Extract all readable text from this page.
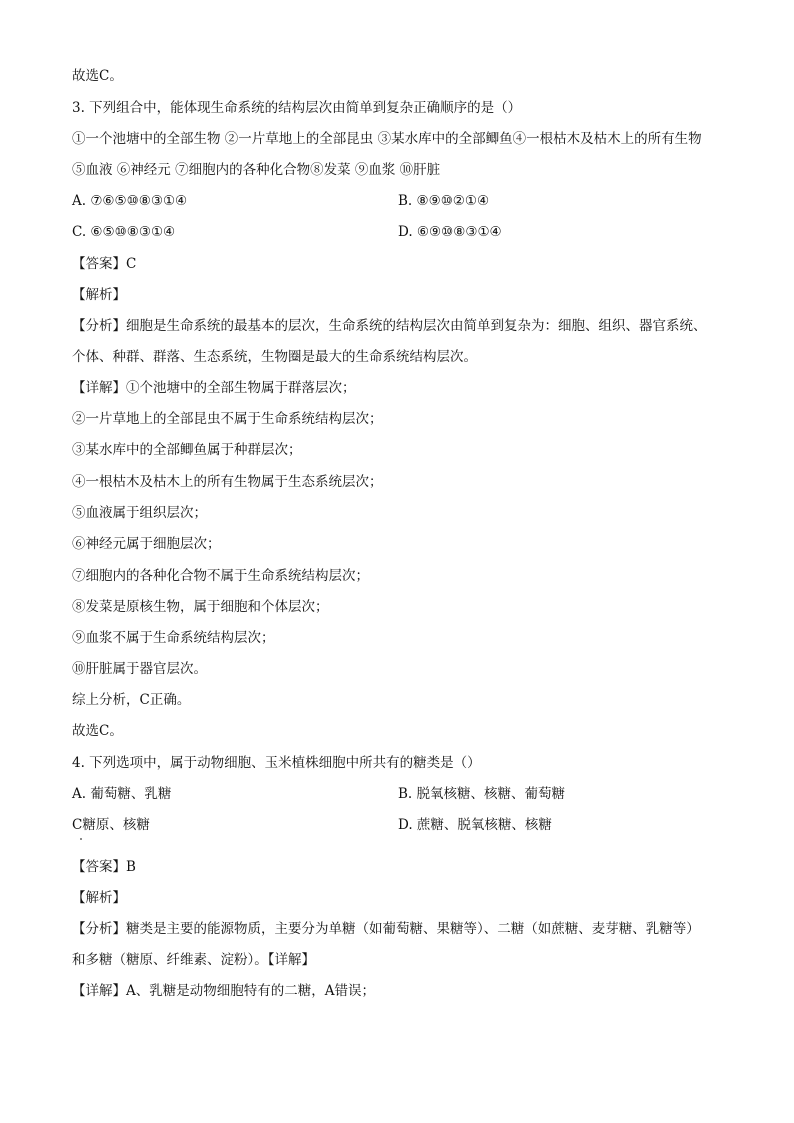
故选C。
3. 下列组合中，能体现生命系统的结构层次由简单到复杂正确顺序的是（）
①一个池塘中的全部生物 ②一片草地上的全部昆虫 ③某水库中的全部鲫鱼④一根枯木及枯木上的所有生物
⑤血液 ⑥神经元 ⑦细胞内的各种化合物⑧发菜 ⑨血浆 ⑩肝脏
A. ⑦⑥⑤⑩⑧③①④	B. ⑧⑨⑩②①④
C. ⑥⑤⑩⑧③①④	D. ⑥⑨⑩⑧③①④
【答案】C
【解析】
【分析】细胞是生命系统的最基本的层次，生命系统的结构层次由简单到复杂为：细胞、组织、器官系统、
个体、种群、群落、生态系统，生物圈是最大的生命系统结构层次。
【详解】①个池塘中的全部生物属于群落层次；
②一片草地上的全部昆虫不属于生命系统结构层次；
③某水库中的全部鲫鱼属于种群层次；
④一根枯木及枯木上的所有生物属于生态系统层次；
⑤血液属于组织层次；
⑥神经元属于细胞层次；
⑦细胞内的各种化合物不属于生命系统结构层次；
⑧发菜是原核生物，属于细胞和个体层次；
⑨血浆不属于生命系统结构层次；
⑩肝脏属于器官层次。
综上分析，C正确。
故选C。
4. 下列选项中，属于动物细胞、玉米植株细胞中所共有的糖类是（）
A. 葡萄糖、乳糖	B. 脱氧核糖、核糖、葡萄糖
C糖原、核糖	D. 蔗糖、脱氧核糖、核糖
【答案】B
【解析】
【分析】糖类是主要的能源物质，主要分为单糖（如葡萄糖、果糖等）、二糖（如蔗糖、麦芽糖、乳糖等）
和多糖（糖原、纤维素、淀粉）。【详解】
【详解】A、乳糖是动物细胞特有的二糖，A错误；
